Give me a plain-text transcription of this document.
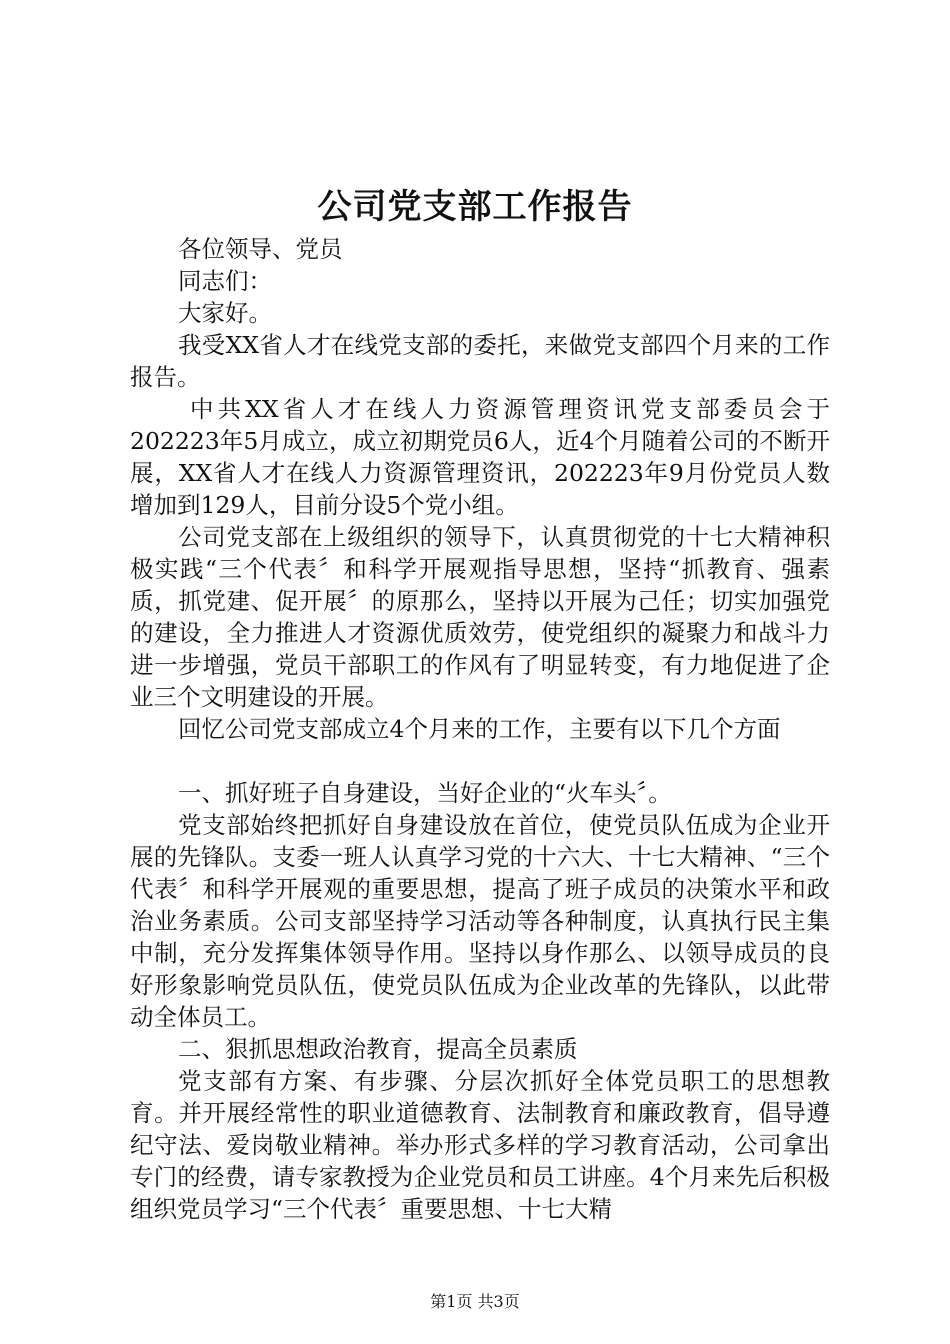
公司党支部工作报告

各位领导、党员

同志们：

大家好。

我受XX省人才在线党支部的委托，来做党支部四个月来的工作报告。

中共XX省人才在线人力资源管理资讯党支部委员会于202223年5月成立，成立初期党员6人，近4个月随着公司的不断开展，XX省人才在线人力资源管理资讯，202223年9月份党员人数增加到129人，目前分设5个党小组。

公司党支部在上级组织的领导下，认真贯彻党的十七大精神积极实践“三个代表〞和科学开展观指导思想，坚持“抓教育、强素质，抓党建、促开展〞的原那么，坚持以开展为己任；切实加强党的建设，全力推进人才资源优质效劳，使党组织的凝聚力和战斗力进一步增强，党员干部职工的作风有了明显转变，有力地促进了企业三个文明建设的开展。

回忆公司党支部成立4个月来的工作，主要有以下几个方面

一、抓好班子自身建设，当好企业的“火车头〞。

党支部始终把抓好自身建设放在首位，使党员队伍成为企业开展的先锋队。支委一班人认真学习党的十六大、十七大精神、“三个代表〞和科学开展观的重要思想，提高了班子成员的决策水平和政治业务素质。公司支部坚持学习活动等各种制度，认真执行民主集中制，充分发挥集体领导作用。坚持以身作那么、以领导成员的良好形象影响党员队伍，使党员队伍成为企业改革的先锋队，以此带动全体员工。

二、狠抓思想政治教育，提高全员素质

党支部有方案、有步骤、分层次抓好全体党员职工的思想教育。并开展经常性的职业道德教育、法制教育和廉政教育，倡导遵纪守法、爱岗敬业精神。举办形式多样的学习教育活动，公司拿出专门的经费，请专家教授为企业党员和员工讲座。4个月来先后积极组织党员学习“三个代表〞重要思想、十七大精

第1页 共3页
